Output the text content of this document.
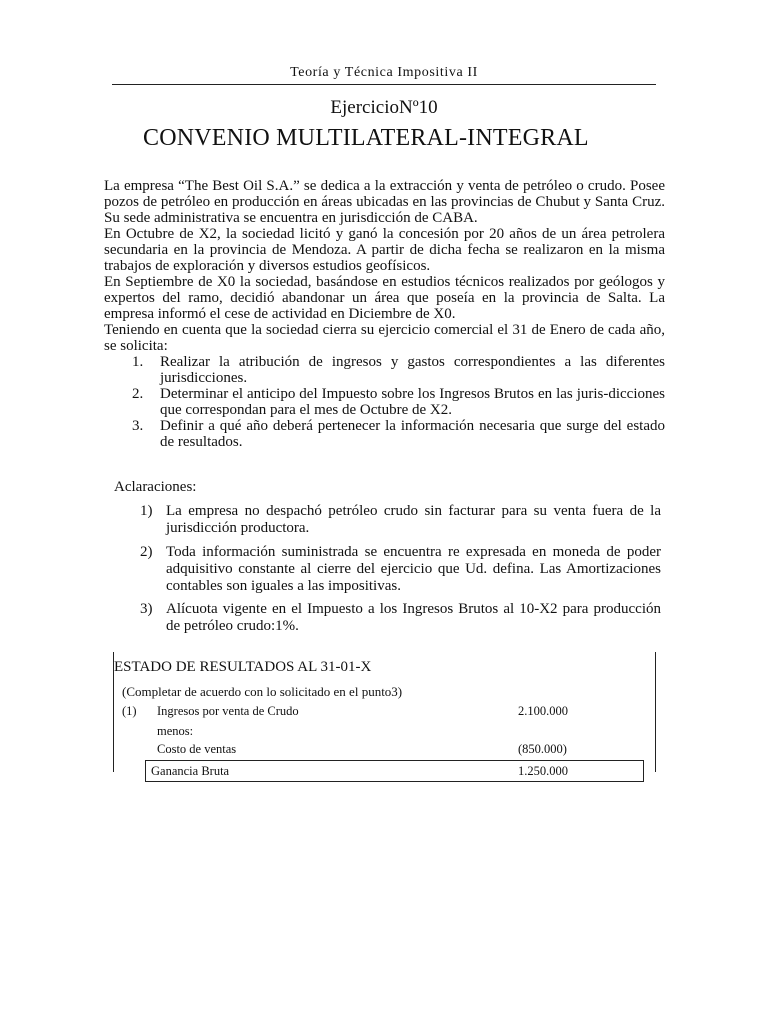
Teoría y Técnica Impositiva II
EjercicioNº10
CONVENIO MULTILATERAL-INTEGRAL

La empresa “The Best Oil S.A.” se dedica a la extracción y venta de petróleo o crudo. Posee pozos de petróleo en producción en áreas ubicadas en las provincias de Chubut y Santa Cruz. Su sede administrativa se encuentra en jurisdicción de CABA.

En Octubre de X2, la sociedad licitó y ganó la concesión por 20 años de un área petrolera secundaria en la provincia de Mendoza. A partir de dicha fecha se realizaron en la misma trabajos de exploración y diversos estudios geofísicos.

En Septiembre de X0 la sociedad, basándose en estudios técnicos realizados por geólogos y expertos del ramo, decidió abandonar un área que poseía en la provincia de Salta. La empresa informó el cese de actividad en Diciembre de X0.

Teniendo en cuenta que la sociedad cierra su ejercicio comercial el 31 de Enero de cada año, se solicita:

1. Realizar la atribución de ingresos y gastos correspondientes a las diferentes jurisdicciones.
2. Determinar el anticipo del Impuesto sobre los Ingresos Brutos en las juris-dicciones que correspondan para el mes de Octubre de X2.
3. Definir a qué año deberá pertenecer la información necesaria que surge del estado de resultados.
Aclaraciones:
1) La empresa no despachó petróleo crudo sin facturar para su venta fuera de la jurisdicción productora.
2) Toda información suministrada se encuentra re expresada en moneda de poder adquisitivo constante al cierre del ejercicio que Ud. defina. Las Amortizaciones contables son iguales a las impositivas.
3) Alícuota vigente en el Impuesto a los Ingresos Brutos al 10-X2 para producción de petróleo crudo:1%.
ESTADO DE RESULTADOS AL 31-01-X
(Completar de acuerdo con lo solicitado en el punto3)
(1) Ingresos por venta de Crudo	2.100.000
menos:
Costo de ventas	(850.000)
Ganancia Bruta	1.250.000
